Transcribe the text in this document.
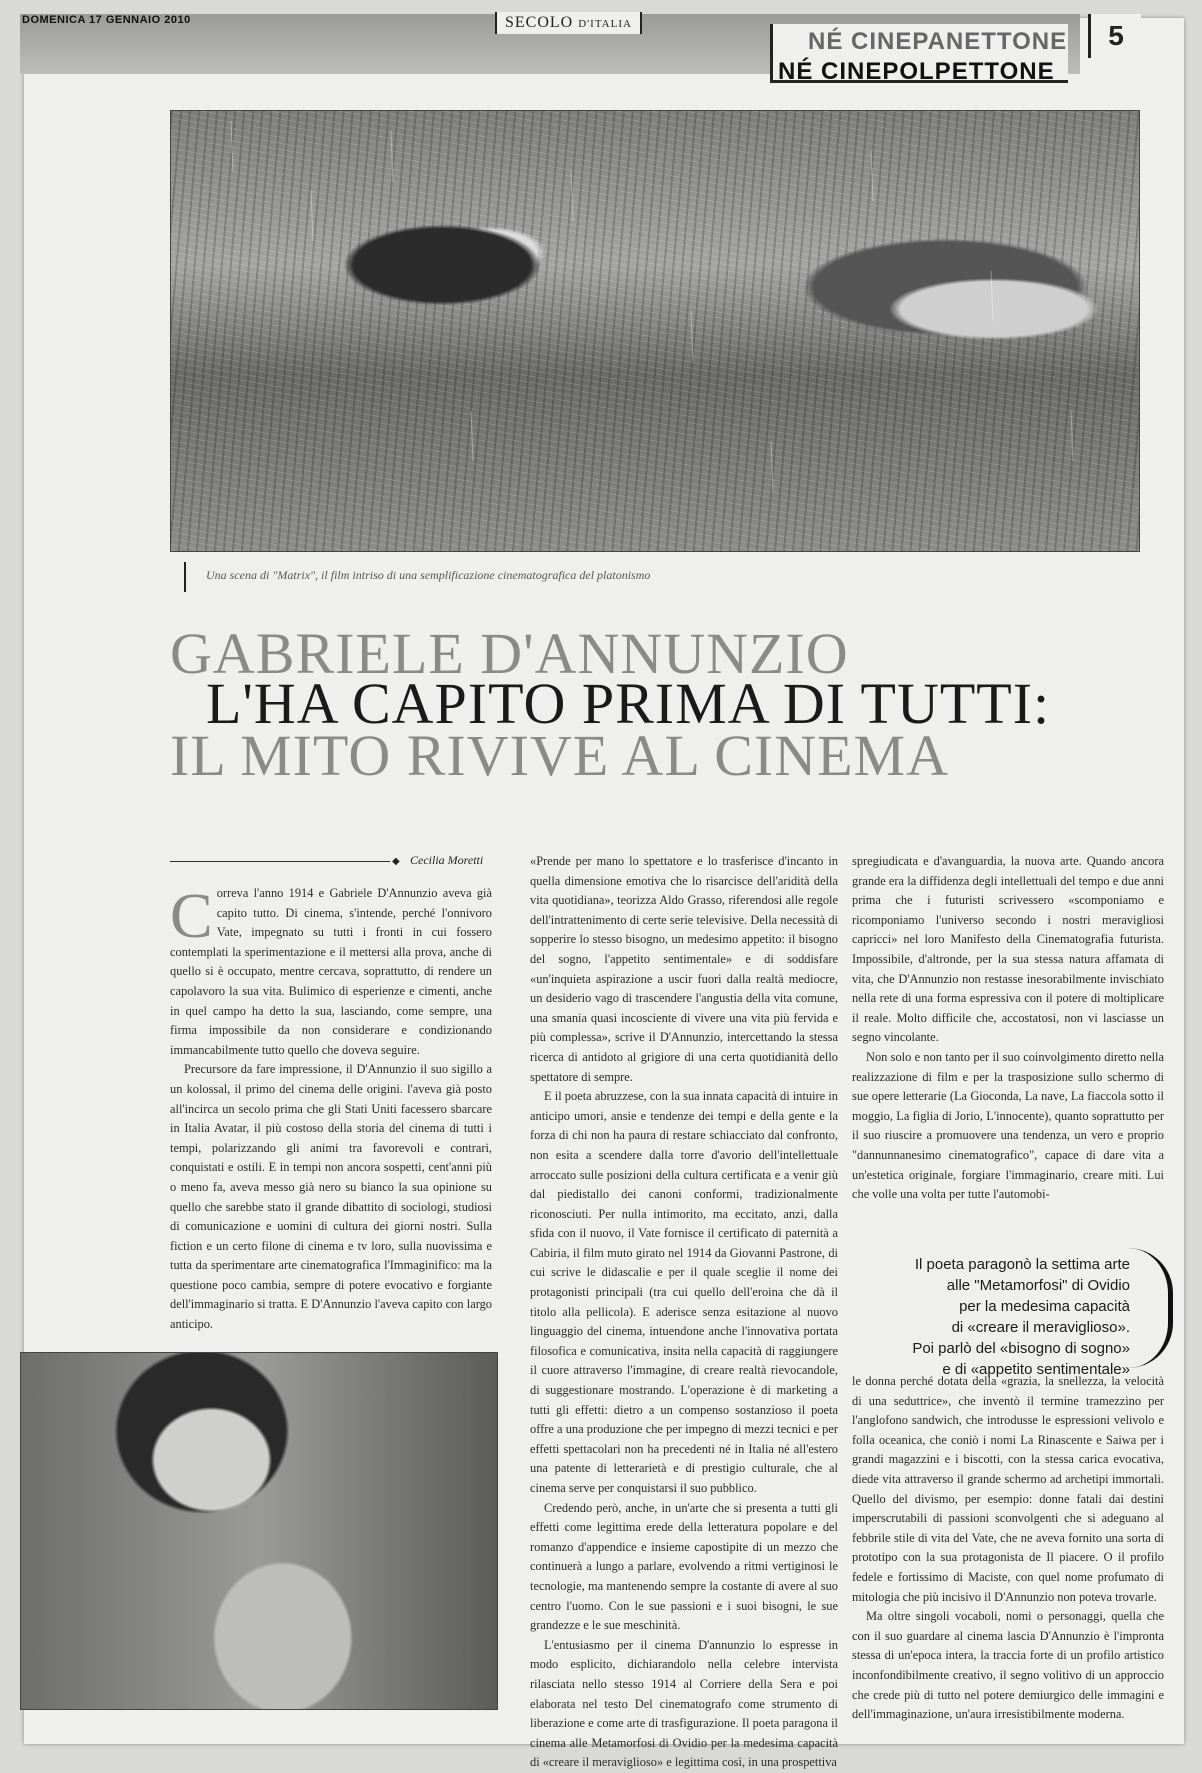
DOMENICA 17 GENNAIO 2010	SECOLO D'ITALIA
NÉ CINEPANETTONE
NÉ CINEPOLPETTONE
5
Una scena di "Matrix", il film intriso di una semplificazione cinematografica del platonismo
GABRIELE D'ANNUNZIO
L'HA CAPITO PRIMA DI TUTTI:
IL MITO RIVIVE AL CINEMA
◆ Cecilia Moretti
C orreva l'anno 1914 e Gabriele D'Annunzio aveva già capito tutto. Di cinema, s'intende, perché l'onnivoro Vate, impegnato su tutti i fronti in cui fossero contemplati la sperimentazione e il mettersi alla prova, anche di quello si è occupato, mentre cercava, soprattutto, di rendere un capolavoro la sua vita. Bulimico di esperienze e cimenti, anche in quel campo ha detto la sua, lasciando, come sempre, una firma impossibile da non considerare e condizionando immancabilmente tutto quello che doveva seguire.

Precursore da fare impressione, il D'Annunzio il suo sigillo a un kolossal, il primo del cinema delle origini. l'aveva già posto all'incirca un secolo prima che gli Stati Uniti facessero sbarcare in Italia Avatar, il più costoso della storia del cinema di tutti i tempi, polarizzando gli animi tra favorevoli e contrari, conquistati e ostili. E in tempi non ancora sospetti, cent'anni più o meno fa, aveva messo già nero su bianco la sua opinione su quello che sarebbe stato il grande dibattito di sociologi, studiosi di comunicazione e uomini di cultura dei giorni nostri. Sulla fiction e un certo filone di cinema e tv loro, sulla nuovissima e tutta da sperimentare arte cinematografica l'Immaginifico: ma la questione poco cambia, sempre di potere evocativo e forgiante dell'immaginario si tratta. E D'Annunzio l'aveva capito con largo anticipo.

«Prende per mano lo spettatore e lo trasferisce d'incanto in quella dimensione emotiva che lo risarcisce dell'aridità della vita quotidiana», teorizza Aldo Grasso, riferendosi alle regole dell'intrattenimento di certe serie televisive. Della necessità di sopperire lo stesso bisogno, un medesimo appetito: il bisogno del sogno, l'appetito sentimentale» e di soddisfare «un'inquieta aspirazione a uscir fuori dalla realtà mediocre, un desiderio vago di trascendere l'angustia della vita comune, una smania quasi incosciente di vivere una vita più fervida e più complessa», scrive il D'Annunzio, intercettando la stessa ricerca di antidoto al grigiore di una certa quotidianità dello spettatore di sempre.

E il poeta abruzzese, con la sua innata capacità di intuire in anticipo umori, ansie e tendenze dei tempi e della gente e la forza di chi non ha paura di restare schiacciato dal confronto, non esita a scendere dalla torre d'avorio dell'intellettuale arroccato sulle posizioni della cultura certificata e a venir giù dal piedistallo dei canoni conformi, tradizionalmente riconosciuti. Per nulla intimorito, ma eccitato, anzi, dalla sfida con il nuovo, il Vate fornisce il certificato di paternità a Cabiria, il film muto girato nel 1914 da Giovanni Pastrone, di cui scrive le didascalie e per il quale sceglie il nome dei protagonisti principali (tra cui quello dell'eroina che dà il titolo alla pellicola). E aderisce senza esitazione al nuovo linguaggio del cinema, intuendone anche l'innovativa portata filosofica e comunicativa, insita nella capacità di raggiungere il cuore attraverso l'immagine, di creare realtà rievocandole, di suggestionare mostrando. L'operazione è di marketing a tutti gli effetti: dietro a un compenso sostanzioso il poeta offre a una produzione che per impegno di mezzi tecnici e per effetti spettacolari non ha precedenti né in Italia né all'estero una patente di letterarietà e di prestigio culturale, che al cinema serve per conquistarsi il suo pubblico.

Credendo però, anche, in un'arte che si presenta a tutti gli effetti come legittima erede della letteratura popolare e del romanzo d'appendice e insieme capostipite di un mezzo che continuerà a lungo a parlare, evolvendo a ritmi vertiginosi le tecnologie, ma mantenendo sempre la costante di avere al suo centro l'uomo. Con le sue passioni e i suoi bisogni, le sue grandezze e le sue meschinità.

L'entusiasmo per il cinema D'annunzio lo espresse in modo esplicito, dichiarandolo nella celebre intervista rilasciata nello stesso 1914 al Corriere della Sera e poi elaborata nel testo Del cinematografo come strumento di liberazione e come arte di trasfigurazione. Il poeta paragona il cinema alle Metamorfosi di Ovidio per la medesima capacità di «creare il meraviglioso» e legittima così, in una prospettiva

spregiudicata e d'avanguardia, la nuova arte. Quando ancora grande era la diffidenza degli intellettuali del tempo e due anni prima che i futuristi scrivessero «scomponiamo e ricomponiamo l'universo secondo i nostri meravigliosi capricci» nel loro Manifesto della Cinematografia futurista. Impossibile, d'altronde, per la sua stessa natura affamata di vita, che D'Annunzio non restasse inesorabilmente invischiato nella rete di una forma espressiva con il potere di moltiplicare il reale. Molto difficile che, accostatosi, non vi lasciasse un segno vincolante.

Non solo e non tanto per il suo coinvolgimento diretto nella realizzazione di film e per la trasposizione sullo schermo di sue opere letterarie (La Gioconda, La nave, La fiaccola sotto il moggio, La figlia di Jorio, L'innocente), quanto soprattutto per il suo riuscire a promuovere una tendenza, un vero e proprio "dannunnanesimo cinematografico", capace di dare vita a un'estetica originale, forgiare l'immaginario, creare miti. Lui che volle una volta per tutte l'automobi-

Il poeta paragonò la settima arte
alle "Metamorfosi" di Ovidio
per la medesima capacità
di «creare il meraviglioso».
Poi parlò del «bisogno di sogno»
e di «appetito sentimentale»

le donna perché dotata della «grazia, la snellezza, la velocità di una seduttrice», che inventò il termine tramezzino per l'anglofono sandwich, che introdusse le espressioni velivolo e folla oceanica, che coniò i nomi La Rinascente e Saiwa per i grandi magazzini e i biscotti, con la stessa carica evocativa, diede vita attraverso il grande schermo ad archetipi immortali. Quello del divismo, per esempio: donne fatali dai destini imperscrutabili di passioni sconvolgenti che si adeguano al febbrile stile di vita del Vate, che ne aveva fornito una sorta di prototipo con la sua protagonista de Il piacere. O il profilo fedele e fortissimo di Maciste, con quel nome profumato di mitologia che più incisivo il D'Annunzio non poteva trovarle.

Ma oltre singoli vocaboli, nomi o personaggi, quella che con il suo guardare al cinema lascia D'Annunzio è l'impronta stessa di un'epoca intera, la traccia forte di un profilo artistico inconfondibilmente creativo, il segno volitivo di un approccio che crede più di tutto nel potere demiurgico delle immagini e dell'immaginazione, un'aura irresistibilmente moderna.
